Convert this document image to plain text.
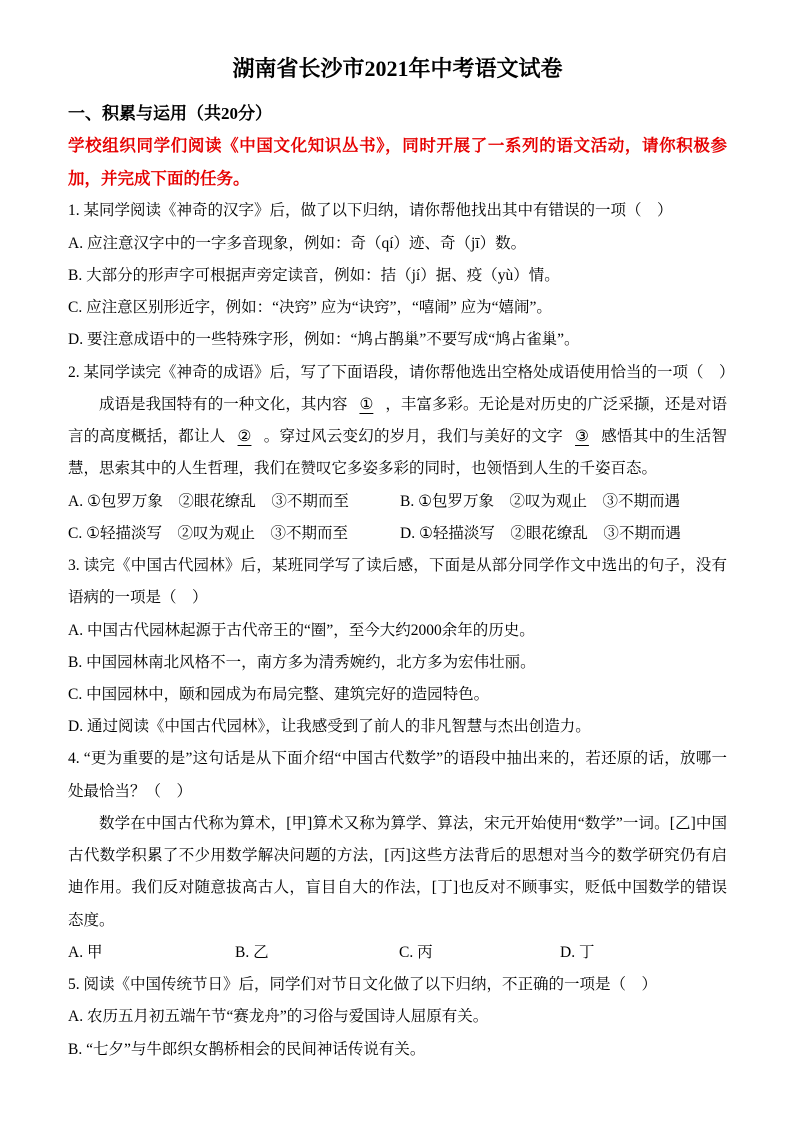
湖南省长沙市2021年中考语文试卷
一、积累与运用（共20分）

学校组织同学们阅读《中国文化知识丛书》，同时开展了一系列的语文活动，请你积极参加，并完成下面的任务。

1. 某同学阅读《神奇的汉字》后，做了以下归纳，请你帮他找出其中有错误的一项（　）

A. 应注意汉字中的一字多音现象，例如：奇（qí）迹、奇（jī）数。

B. 大部分的形声字可根据声旁定读音，例如：拮（jí）据、疫（yù）情。

C. 应注意区别形近字，例如：“决窍” 应为“诀窍”，“嘻闹” 应为“嬉闹”。

D. 要注意成语中的一些特殊字形，例如：“鸠占鹊巢”不要写成“鸠占雀巢”。

2. 某同学读完《神奇的成语》后，写了下面语段，请你帮他选出空格处成语使用恰当的一项（　）

成语是我国特有的一种文化，其内容 ① ，丰富多彩。无论是对历史的广泛采撷，还是对语言的高度概括，都让人 ② 。穿过风云变幻的岁月，我们与美好的文字 ③ 感悟其中的生活智慧，思索其中的人生哲理，我们在赞叹它多姿多彩的同时，也领悟到人生的千姿百态。

A. ①包罗万象　②眼花缭乱　③不期而至	B. ①包罗万象　②叹为观止　③不期而遇

C. ①轻描淡写　②叹为观止　③不期而至	D. ①轻描淡写　②眼花缭乱　③不期而遇

3. 读完《中国古代园林》后，某班同学写了读后感，下面是从部分同学作文中选出的句子，没有语病的一项是（　）

A. 中国古代园林起源于古代帝王的“圈”，至今大约2000余年的历史。

B. 中国园林南北风格不一，南方多为清秀婉约，北方多为宏伟壮丽。

C. 中国园林中，颐和园成为布局完整、建筑完好的造园特色。

D. 通过阅读《中国古代园林》，让我感受到了前人的非凡智慧与杰出创造力。

4. “更为重要的是”这句话是从下面介绍“中国古代数学”的语段中抽出来的，若还原的话，放哪一处最恰当？（　）

数学在中国古代称为算术，[甲]算术又称为算学、算法，宋元开始使用“数学”一词。[乙]中国古代数学积累了不少用数学解决问题的方法，[丙]这些方法背后的思想对当今的数学研究仍有启迪作用。我们反对随意拔高古人，盲目自大的作法，[丁]也反对不顾事实，贬低中国数学的错误态度。

A. 甲	B. 乙	C. 丙	D. 丁

5. 阅读《中国传统节日》后，同学们对节日文化做了以下归纳，不正确的一项是（　）

A. 农历五月初五端午节“赛龙舟”的习俗与爱国诗人屈原有关。

B. “七夕”与牛郎织女鹊桥相会的民间神话传说有关。
